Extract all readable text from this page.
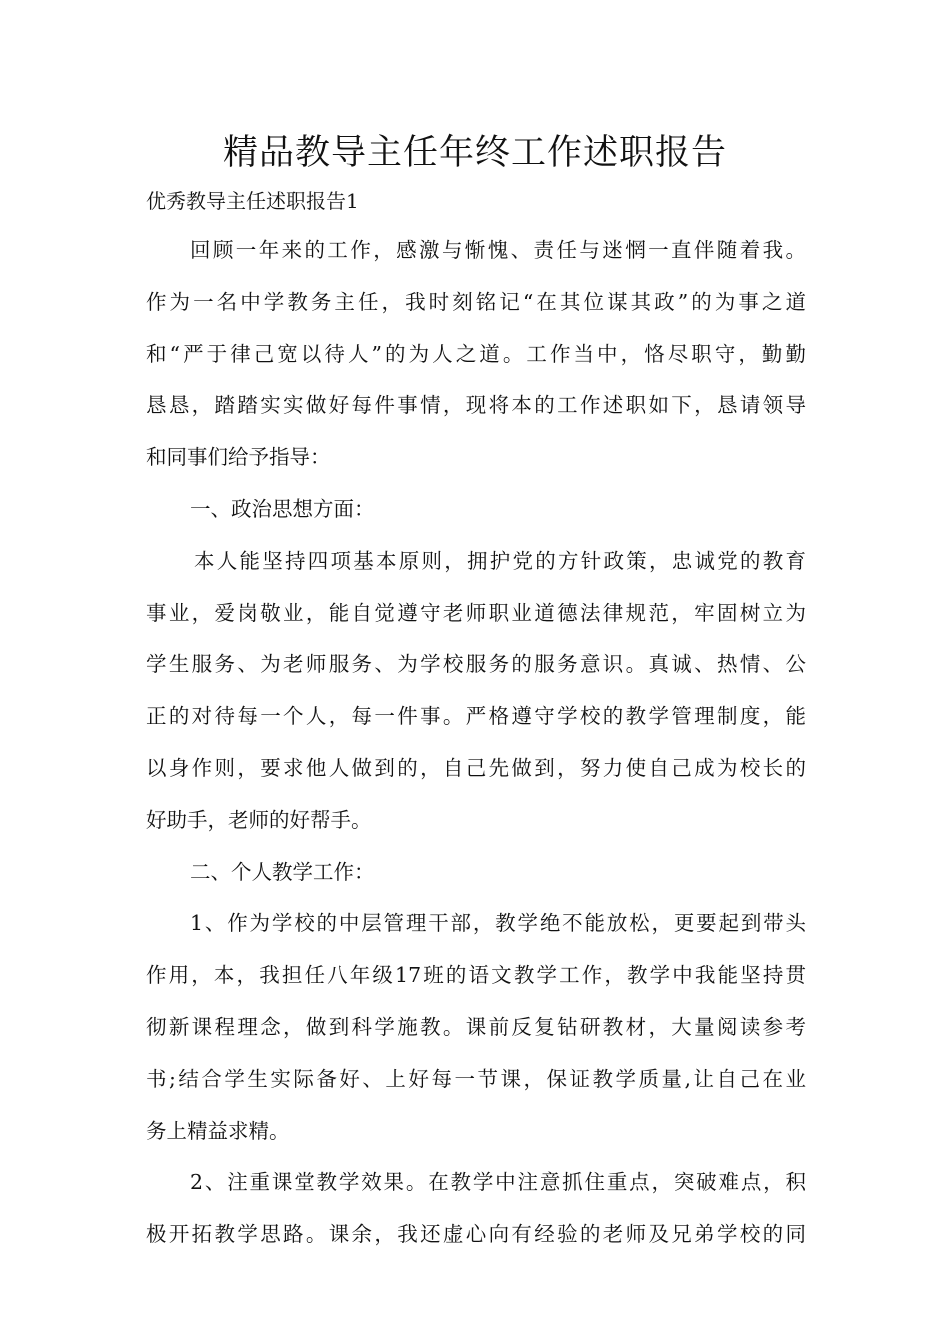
精品教导主任年终工作述职报告
优秀教导主任述职报告1
回顾一年来的工作，感激与惭愧、责任与迷惘一直伴随着我。
作为一名中学教务主任，我时刻铭记“在其位谋其政”的为事之道
和“严于律己宽以待人”的为人之道。工作当中，恪尽职守，勤勤
恳恳，踏踏实实做好每件事情，现将本的工作述职如下，恳请领导
和同事们给予指导：
一、政治思想方面：
本人能坚持四项基本原则，拥护党的方针政策，忠诚党的教育
事业，爱岗敬业，能自觉遵守老师职业道德法律规范，牢固树立为
学生服务、为老师服务、为学校服务的服务意识。真诚、热情、公
正的对待每一个人，每一件事。严格遵守学校的教学管理制度，能
以身作则，要求他人做到的，自己先做到，努力使自己成为校长的
好助手，老师的好帮手。
二、个人教学工作：
1、作为学校的中层管理干部，教学绝不能放松，更要起到带头
作用，本，我担任八年级17班的语文教学工作，教学中我能坚持贯
彻新课程理念，做到科学施教。课前反复钻研教材，大量阅读参考
书;结合学生实际备好、上好每一节课，保证教学质量,让自己在业
务上精益求精。
2、注重课堂教学效果。在教学中注意抓住重点，突破难点，积
极开拓教学思路。课余，我还虚心向有经验的老师及兄弟学校的同
